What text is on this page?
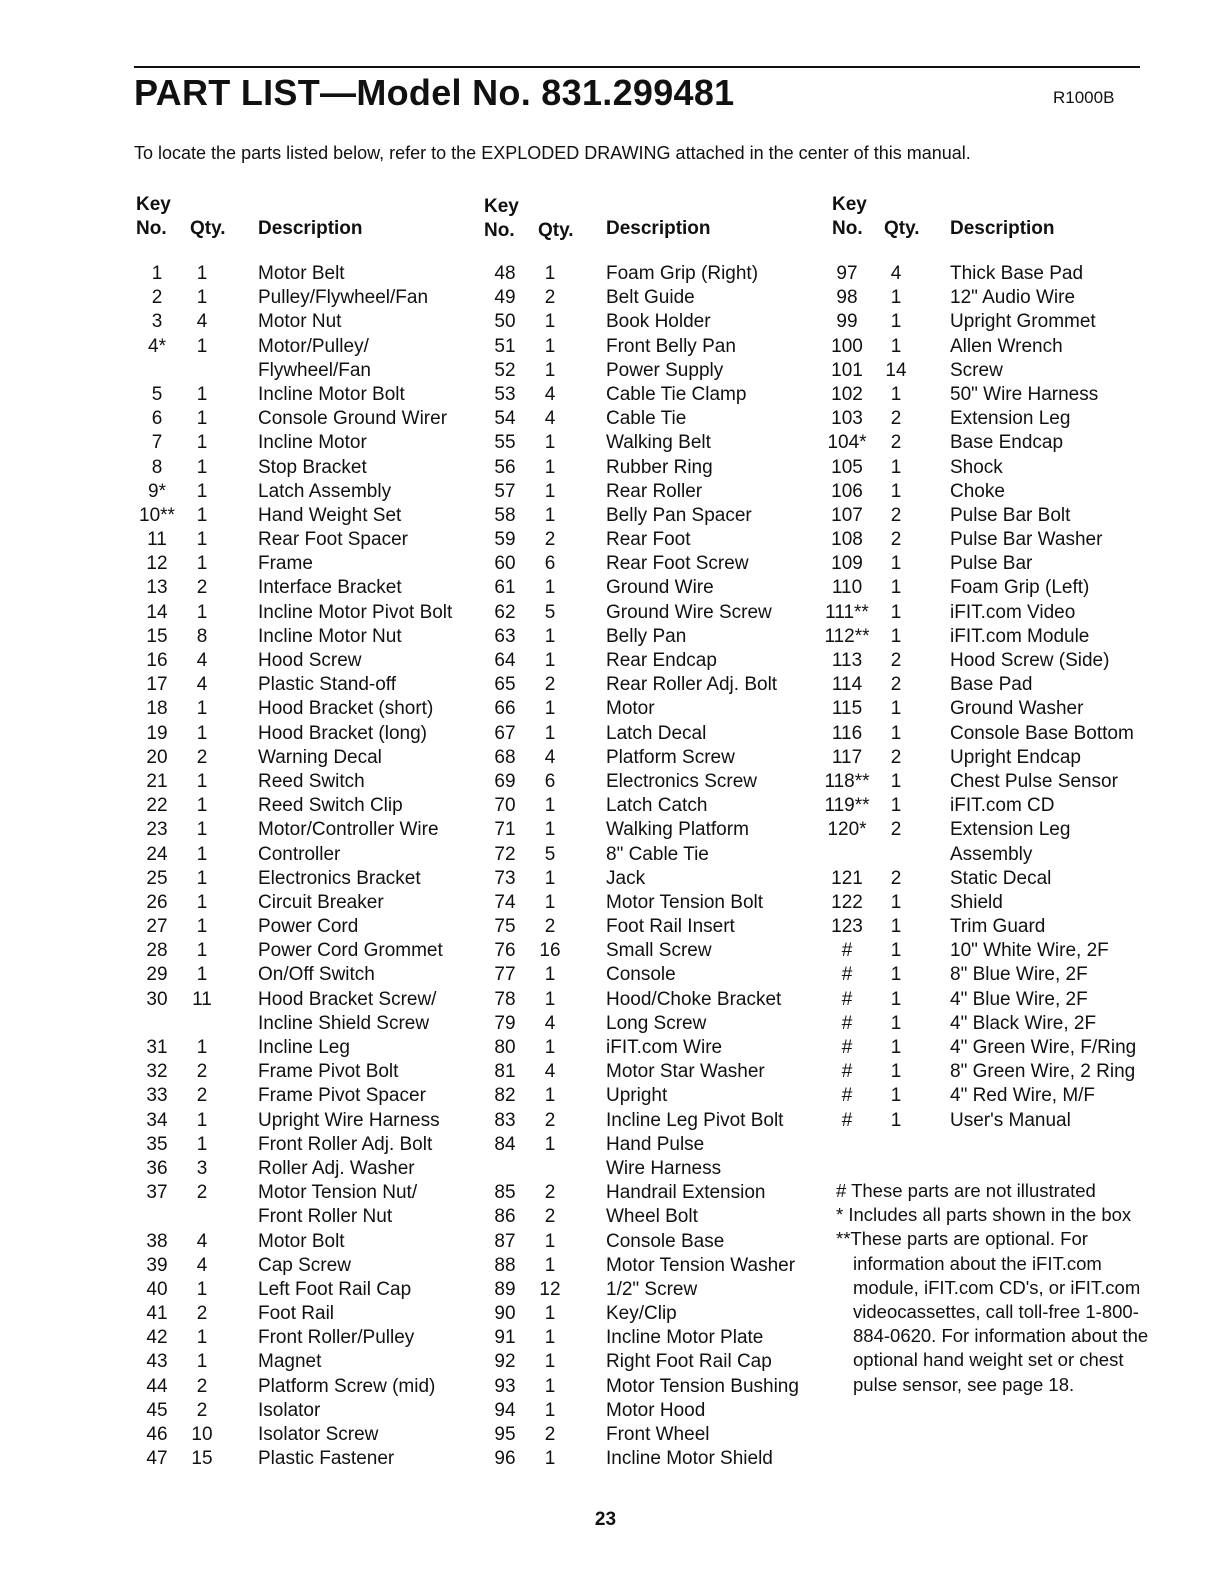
PART LIST—Model No. 831.299481	R1000B
To locate the parts listed below, refer to the EXPLODED DRAWING attached in the center of this manual.
Key
No. Qty. Description
1	1	Motor Belt
2	1	Pulley/Flywheel/Fan
3	4	Motor Nut
4*	1	Motor/Pulley/
Flywheel/Fan
5	1	Incline Motor Bolt
6	1	Console Ground Wirer
7	1	Incline Motor
8	1	Stop Bracket
9*	1	Latch Assembly
10**	1	Hand Weight Set
11	1	Rear Foot Spacer
12	1	Frame
13	2	Interface Bracket
14	1	Incline Motor Pivot Bolt
15	8	Incline Motor Nut
16	4	Hood Screw
17	4	Plastic Stand-off
18	1	Hood Bracket (short)
19	1	Hood Bracket (long)
20	2	Warning Decal
21	1	Reed Switch
22	1	Reed Switch Clip
23	1	Motor/Controller Wire
24	1	Controller
25	1	Electronics Bracket
26	1	Circuit Breaker
27	1	Power Cord
28	1	Power Cord Grommet
29	1	On/Off Switch
30	11	Hood Bracket Screw/
Incline Shield Screw
31	1	Incline Leg
32	2	Frame Pivot Bolt
33	2	Frame Pivot Spacer
34	1	Upright Wire Harness
35	1	Front Roller Adj. Bolt
36	3	Roller Adj. Washer
37	2	Motor Tension Nut/
Front Roller Nut
38	4	Motor Bolt
39	4	Cap Screw
40	1	Left Foot Rail Cap
41	2	Foot Rail
42	1	Front Roller/Pulley
43	1	Magnet
44	2	Platform Screw (mid)
45	2	Isolator
46	10 Isolator Screw
47	15 Plastic Fastener
Key
No. Qty. Description
48	1	Foam Grip (Right)
49	2	Belt Guide
50	1	Book Holder
51	1	Front Belly Pan
52	1	Power Supply
53	4	Cable Tie Clamp
54	4	Cable Tie
55	1	Walking Belt
56	1	Rubber Ring
57	1	Rear Roller
58	1	Belly Pan Spacer
59	2	Rear Foot
60	6	Rear Foot Screw
61	1	Ground Wire
62	5	Ground Wire Screw
63	1	Belly Pan
64	1	Rear Endcap
65	2	Rear Roller Adj. Bolt
66	1	Motor
67	1	Latch Decal
68	4	Platform Screw
69	6	Electronics Screw
70	1	Latch Catch
71	1	Walking Platform
72	5	8" Cable Tie
73	1	Jack
74	1	Motor Tension Bolt
75	2	Foot Rail Insert
76	16 Small Screw
77	1	Console
78	1	Hood/Choke Bracket
79	4	Long Screw
80	1	iFIT.com Wire
81	4	Motor Star Washer
82	1	Upright
83	2	Incline Leg Pivot Bolt
84	1	Hand Pulse
Wire Harness
85	2	Handrail Extension
86	2	Wheel Bolt
87	1	Console Base
88	1	Motor Tension Washer
89	12 1/2" Screw
90	1	Key/Clip
91	1	Incline Motor Plate
92	1	Right Foot Rail Cap
93	1	Motor Tension Bushing
94	1	Motor Hood
95	2	Front Wheel
96	1	Incline Motor Shield
Key
No. Qty. Description
97	4	Thick Base Pad
98	1	12" Audio Wire
99	1	Upright Grommet
100	1	Allen Wrench
101	14 Screw
102	1	50" Wire Harness
103	2	Extension Leg
104*	2	Base Endcap
105	1	Shock
106	1	Choke
107	2	Pulse Bar Bolt
108	2	Pulse Bar Washer
109	1	Pulse Bar
110	1	Foam Grip (Left)
111**	1	iFIT.com Video
112**	1	iFIT.com Module
113	2	Hood Screw (Side)
114	2	Base Pad
115	1	Ground Washer
116	1	Console Base Bottom
117	2	Upright Endcap
118**	1	Chest Pulse Sensor
119**	1	iFIT.com CD
120*	2	Extension Leg
Assembly
121	2	Static Decal
122	1	Shield
123	1	Trim Guard
#	1	10" White Wire, 2F
#	1	8" Blue Wire, 2F
#	1	4" Blue Wire, 2F
#	1	4" Black Wire, 2F
#	1	4" Green Wire, F/Ring
#	1	8" Green Wire, 2 Ring
#	1	4" Red Wire, M/F
#	1	User's Manual

# These parts are not illustrated

* Includes all parts shown in the box

**These parts are optional. For information about the iFIT.com module, iFIT.com CD's, or iFIT.com videocassettes, call toll-free 1-800-884-0620. For information about the optional hand weight set or chest pulse sensor, see page 18.

23
